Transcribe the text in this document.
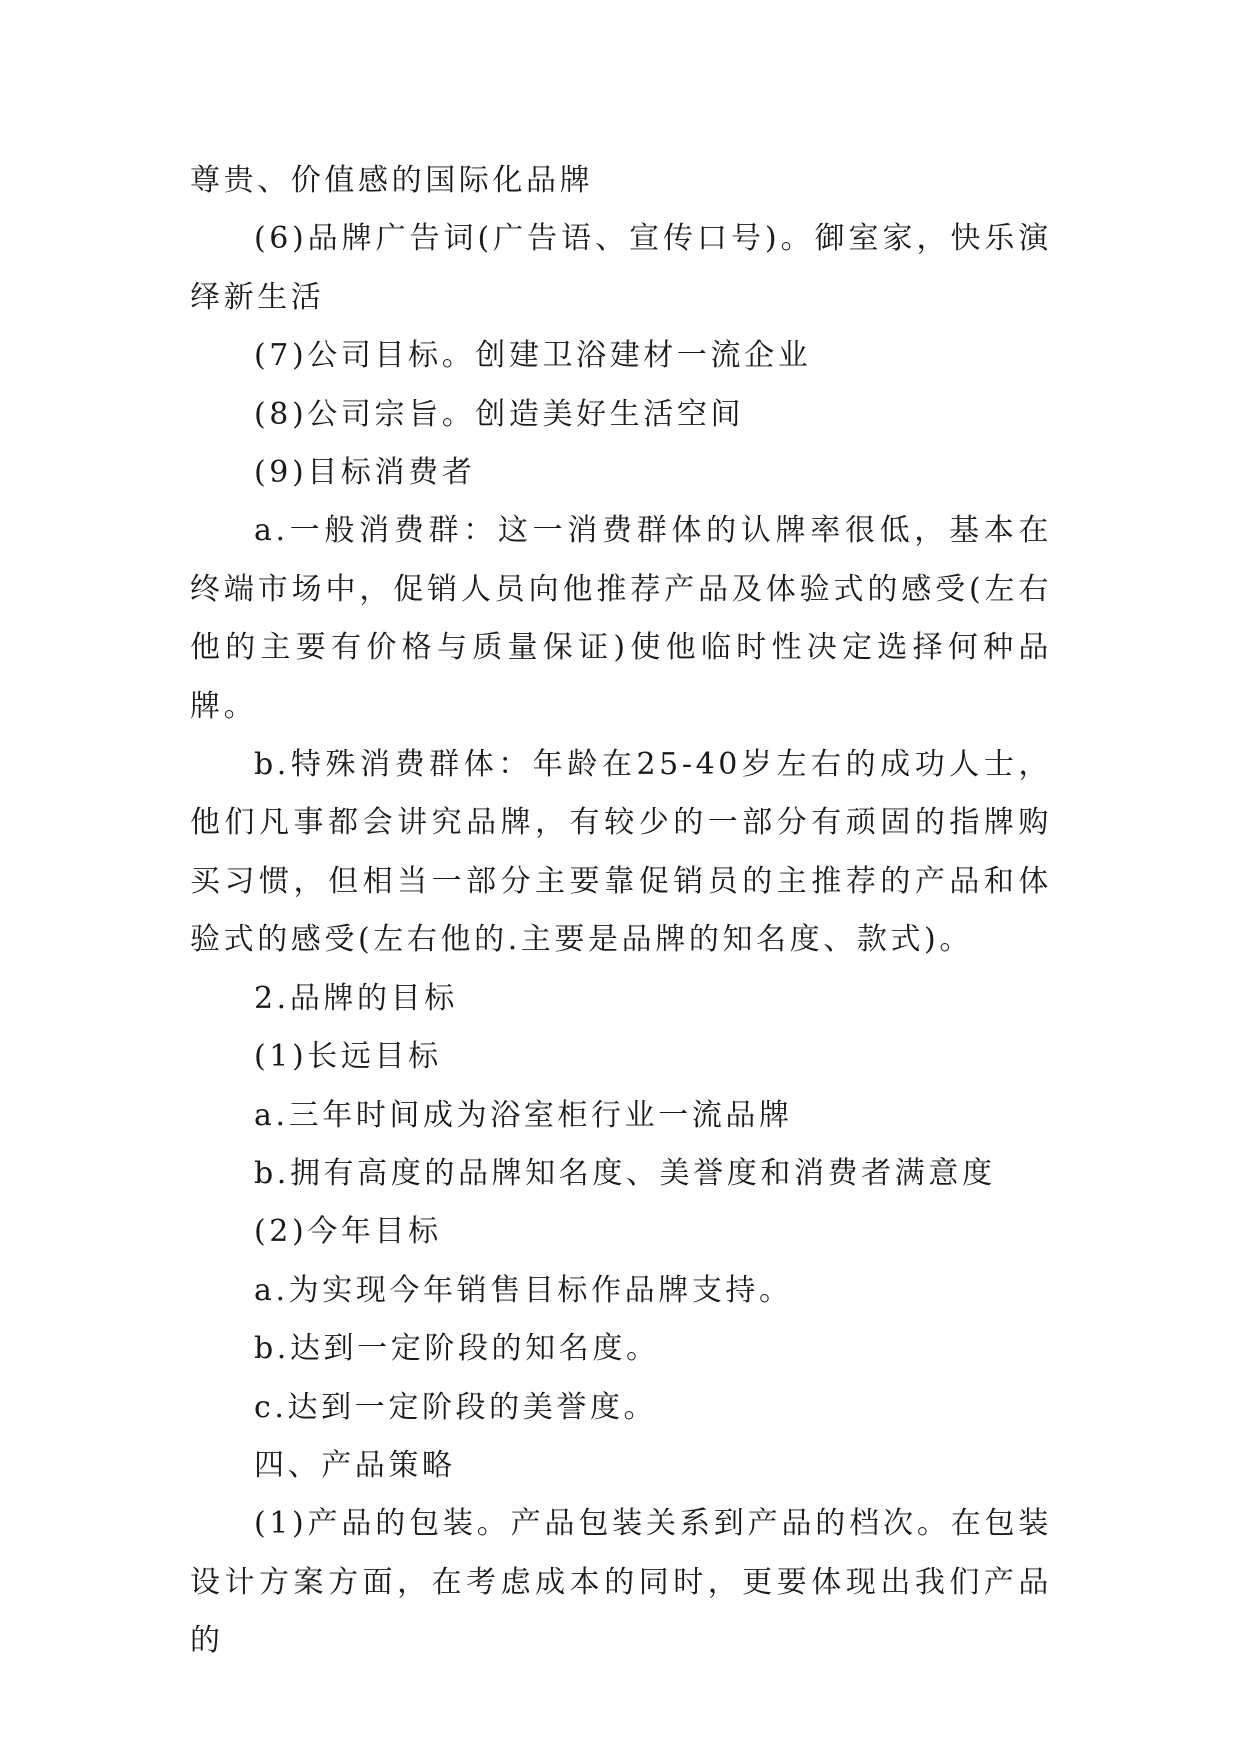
尊贵、价值感的国际化品牌

(6)品牌广告词(广告语、宣传口号)。御室家，快乐演绎新生活

(7)公司目标。创建卫浴建材一流企业

(8)公司宗旨。创造美好生活空间

(9)目标消费者

a.一般消费群：这一消费群体的认牌率很低，基本在终端市场中，促销人员向他推荐产品及体验式的感受(左右他的主要有价格与质量保证)使他临时性决定选择何种品牌。

b.特殊消费群体：年龄在25-40岁左右的成功人士，他们凡事都会讲究品牌，有较少的一部分有顽固的指牌购买习惯，但相当一部分主要靠促销员的主推荐的产品和体验式的感受(左右他的.主要是品牌的知名度、款式)。

2.品牌的目标

(1)长远目标

a.三年时间成为浴室柜行业一流品牌

b.拥有高度的品牌知名度、美誉度和消费者满意度

(2)今年目标

a.为实现今年销售目标作品牌支持。

b.达到一定阶段的知名度。

c.达到一定阶段的美誉度。

四、产品策略

(1)产品的包装。产品包装关系到产品的档次。在包装设计方案方面，在考虑成本的同时，更要体现出我们产品的
